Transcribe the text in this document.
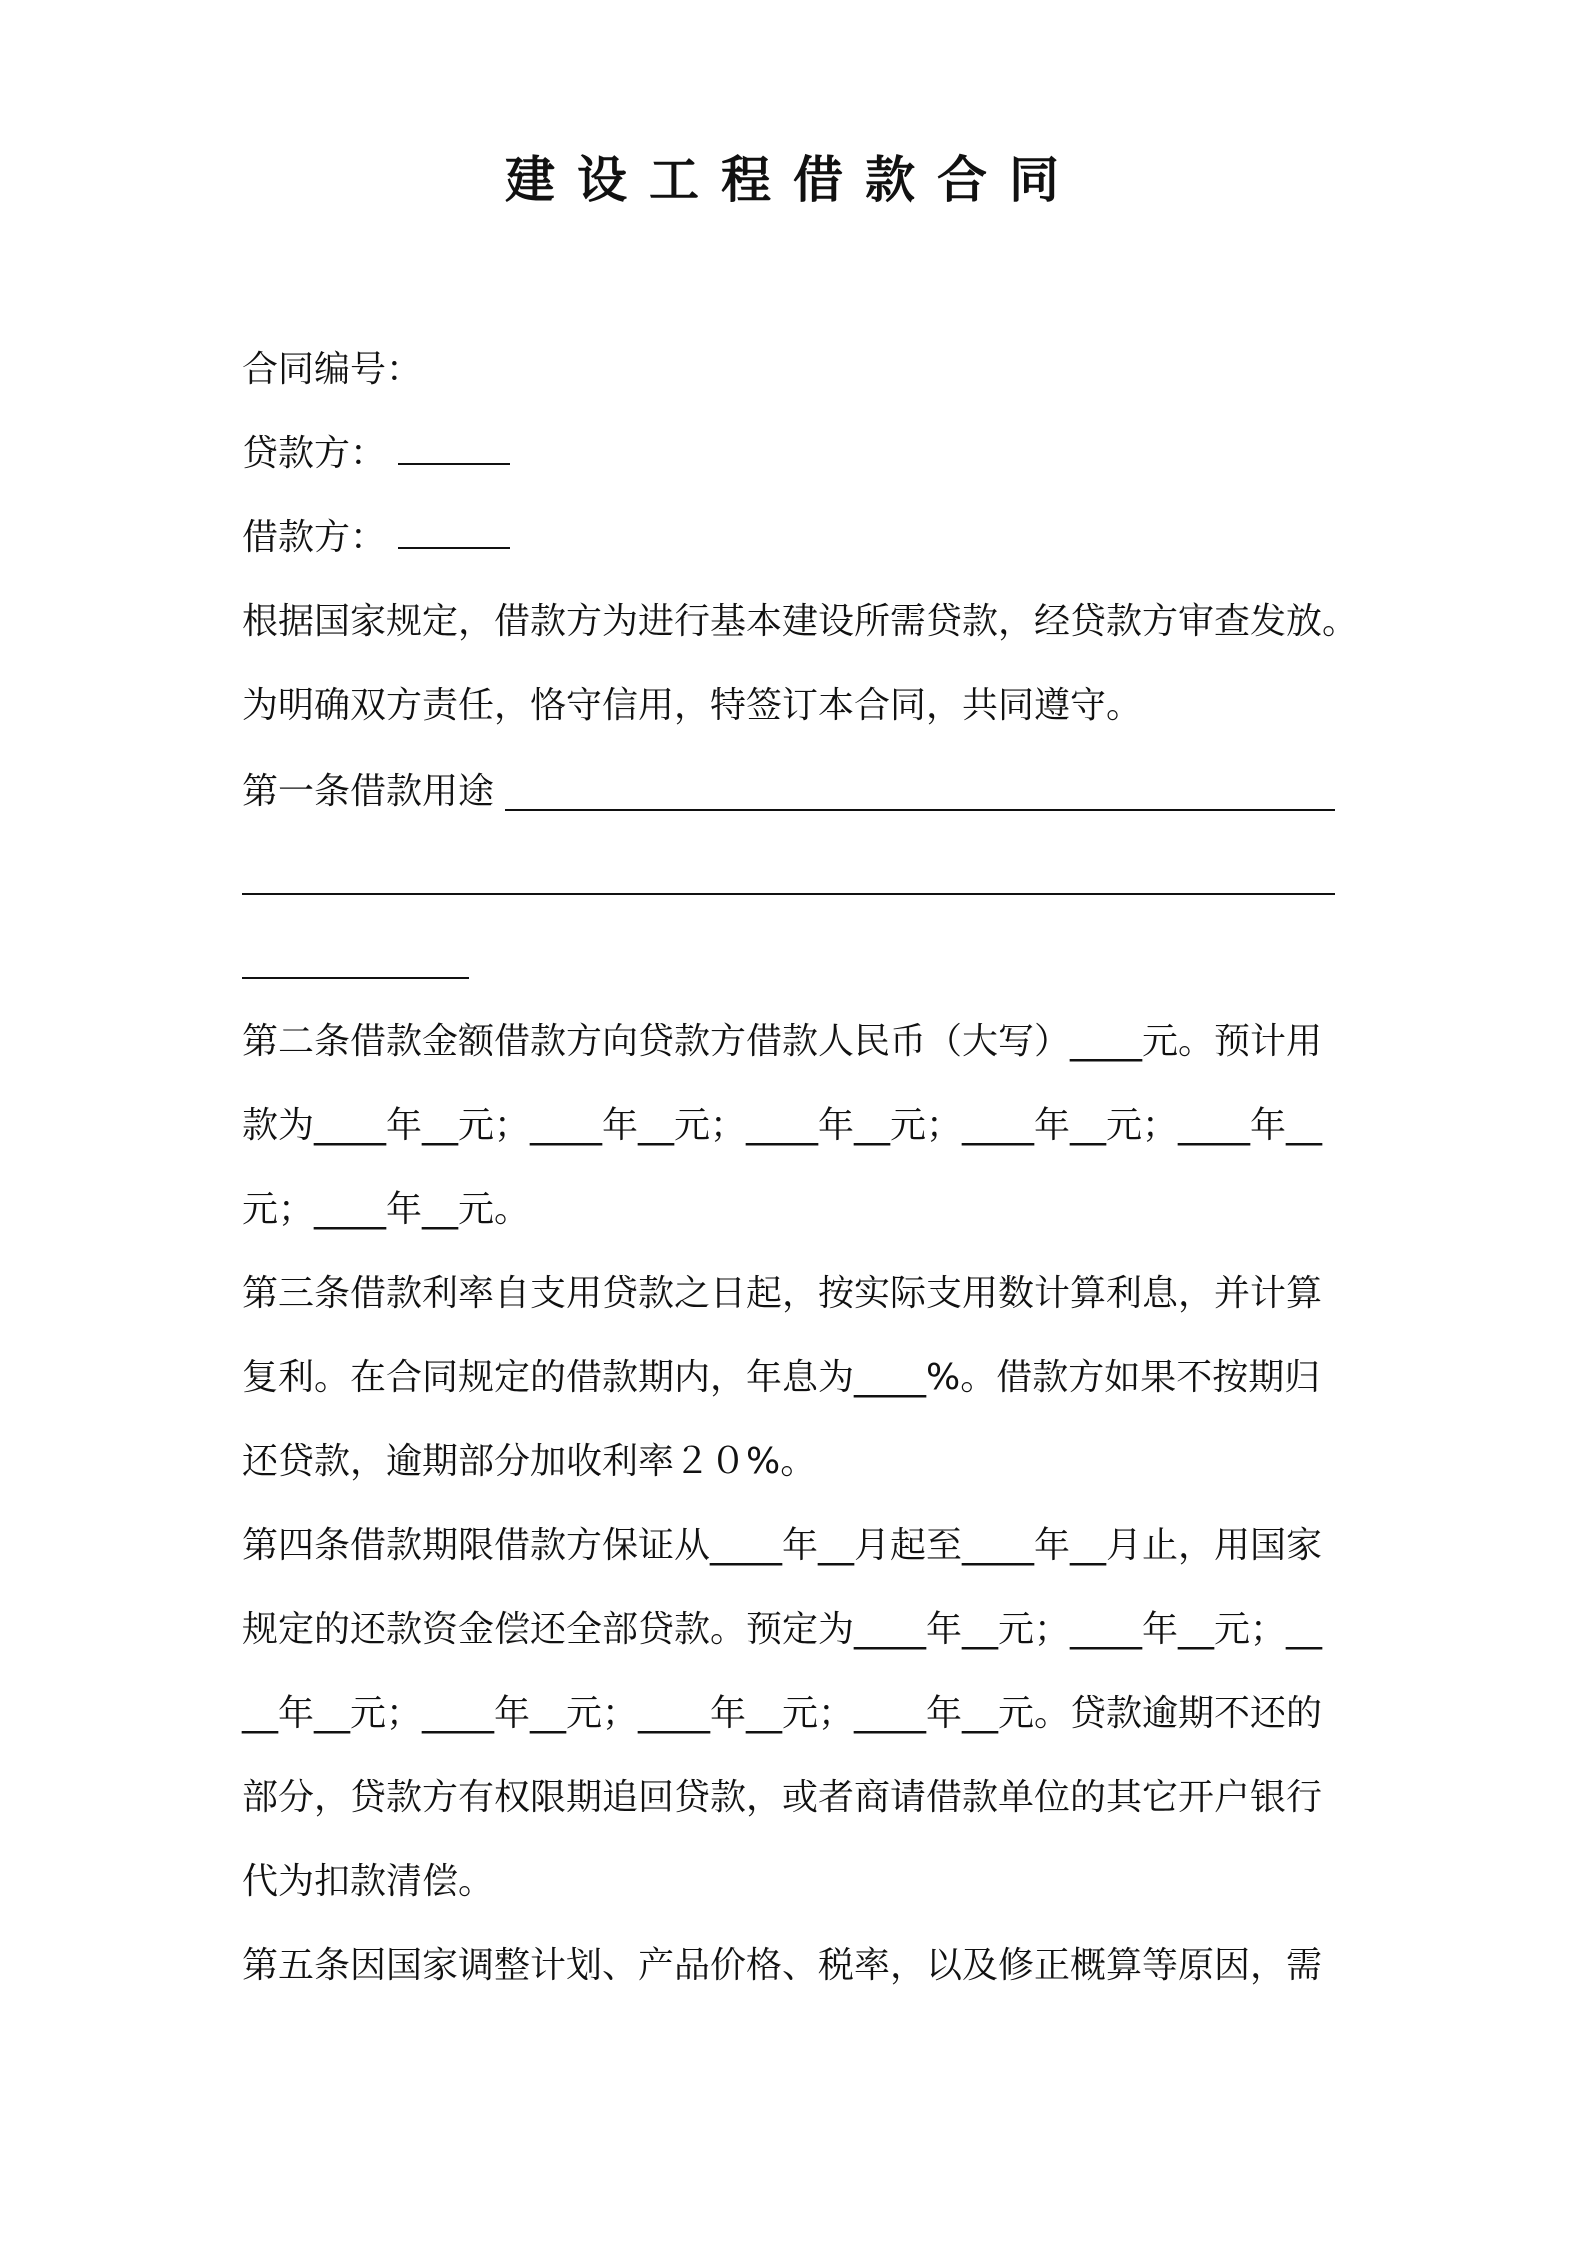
建设工程借款合同
合同编号：
贷款方：
借款方：
根据国家规定，借款方为进行基本建设所需贷款，经贷款方审查发放。
为明确双方责任，恪守信用，特签订本合同，共同遵守。
第一条借款用途
第二条借款金额借款方向贷款方借款人民币（大写）____元。预计用
款为____年__元；____年__元；____年__元；____年__元；____年__
元；____年__元。
第三条借款利率自支用贷款之日起，按实际支用数计算利息，并计算
复利。在合同规定的借款期内，年息为____%。借款方如果不按期归
还贷款，逾期部分加收利率２０%。
第四条借款期限借款方保证从____年__月起至____年__月止，用国家
规定的还款资金偿还全部贷款。预定为____年__元；____年__元；__
__年__元；____年__元；____年__元；____年__元。贷款逾期不还的
部分，贷款方有权限期追回贷款，或者商请借款单位的其它开户银行
代为扣款清偿。
第五条因国家调整计划、产品价格、税率，以及修正概算等原因，需
